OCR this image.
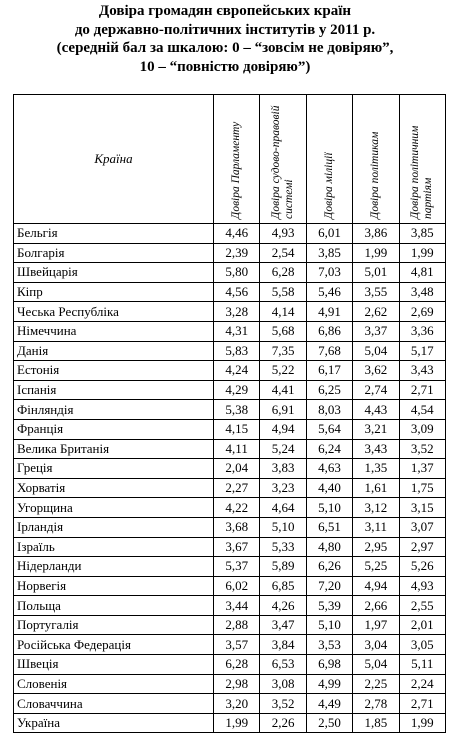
Довіра громадян європейських країн
до державно-політичних інститутів у 2011 р.
(середній бал за шкалою: 0 – “зовсім не довіряю”,
10 – “повністю довіряю”)
Країна	Довіра Парламенту	Довіра судово-правовій системі	Довіра міліції	Довіра політикам	Довіра політичним партіям
Бельгія	4,46	4,93	6,01	3,86	3,85
Болгарія	2,39	2,54	3,85	1,99	1,99
Швейцарія	5,80	6,28	7,03	5,01	4,81
Кіпр	4,56	5,58	5,46	3,55	3,48
Чеська Республіка	3,28	4,14	4,91	2,62	2,69
Німеччина	4,31	5,68	6,86	3,37	3,36
Данія	5,83	7,35	7,68	5,04	5,17
Естонія	4,24	5,22	6,17	3,62	3,43
Іспанія	4,29	4,41	6,25	2,74	2,71
Фінляндія	5,38	6,91	8,03	4,43	4,54
Франція	4,15	4,94	5,64	3,21	3,09
Велика Британія	4,11	5,24	6,24	3,43	3,52
Греція	2,04	3,83	4,63	1,35	1,37
Хорватія	2,27	3,23	4,40	1,61	1,75
Угорщина	4,22	4,64	5,10	3,12	3,15
Ірландія	3,68	5,10	6,51	3,11	3,07
Ізраїль	3,67	5,33	4,80	2,95	2,97
Нідерланди	5,37	5,89	6,26	5,25	5,26
Норвегія	6,02	6,85	7,20	4,94	4,93
Польща	3,44	4,26	5,39	2,66	2,55
Португалія	2,88	3,47	5,10	1,97	2,01
Російська Федерація	3,57	3,84	3,53	3,04	3,05
Швеція	6,28	6,53	6,98	5,04	5,11
Словенія	2,98	3,08	4,99	2,25	2,24
Словаччина	3,20	3,52	4,49	2,78	2,71
Україна	1,99	2,26	2,50	1,85	1,99
